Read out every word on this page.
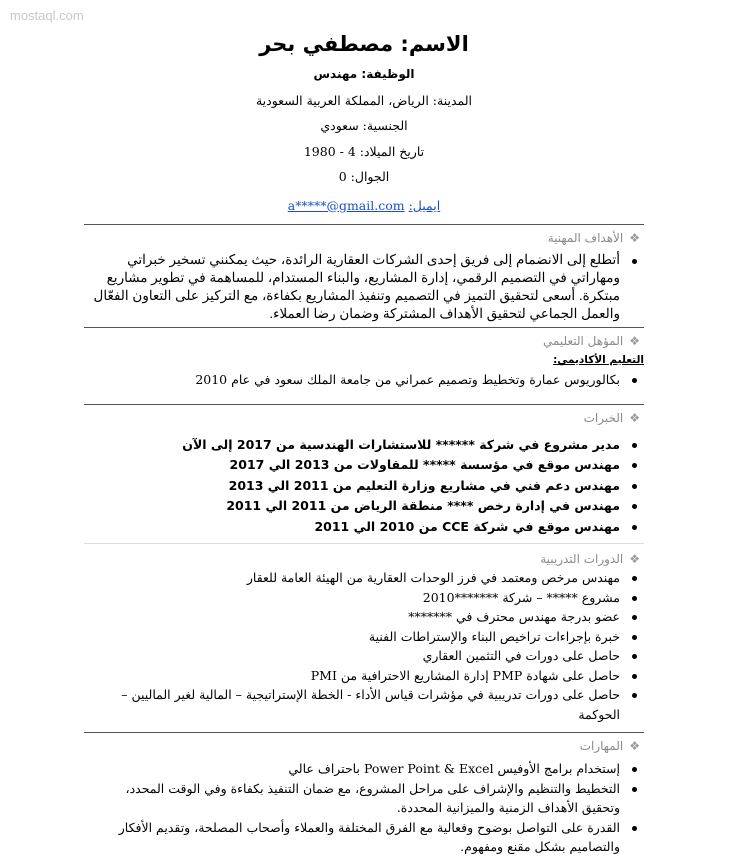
الاسم: مصطفي بحر
الوظيفة: مهندس
المدينة: الرياض، المملكة العربية السعودية
الجنسية: سعودي
تاريخ الميلاد: 4 - 1980
الجوال: 0
ايميل: a*****@gmail.com
❖الأهداف المهنية
أتطلع إلى الانضمام إلى فريق إحدى الشركات العقارية الرائدة، حيث يمكنني تسخير خبراتي ومهاراتي في التصميم الرقمي، إدارة المشاريع، والبناء المستدام، للمساهمة في تطوير مشاريع مبتكرة. أسعى لتحقيق التميز في التصميم وتنفيذ المشاريع بكفاءة، مع التركيز على التعاون الفعّال والعمل الجماعي لتحقيق الأهداف المشتركة وضمان رضا العملاء.
❖المؤهل التعليمي
التعليم الأكاديمي:
بكالوريوس عمارة وتخطيط وتصميم عمراني من جامعة الملك سعود في عام 2010
❖الخبرات
مدير مشروع في شركة ****** للاستشارات الهندسية من 2017 إلى الآن
مهندس موقع في مؤسسة ***** للمقاولات من 2013 الي 2017
مهندس دعم فني في مشاريع وزارة التعليم من 2011 الي 2013
مهندس في إدارة رخص **** منطقة الرياض من 2011 الي 2011
مهندس موقع في شركة CCE من 2010 الي 2011
❖الدورات التدريبية
مهندس مرخص ومعتمد في فرز الوحدات العقارية من الهيئة العامة للعقار
مشروع ***** – شركة *******2010
عضو بدرجة مهندس محترف في *******
خبرة بإجراءات تراخيص البناء والإستراطات الفنية
حاصل على دورات في التثمين العقاري
حاصل على شهادة PMP إدارة المشاريع الاحترافية من PMI
حاصل على دورات تدريبية في مؤشرات قياس الأداء - الخطة الإستراتيجية – المالية لغير الماليين – الحوكمة
❖المهارات
إستخدام برامج الأوفيس Power Point & Excel باحتراف عالي
التخطيط والتنظيم والإشراف على مراحل المشروع، مع ضمان التنفيذ بكفاءة وفي الوقت المحدد، وتحقيق الأهداف الزمنية والميزانية المحددة.
القدرة على التواصل بوضوح وفعالية مع الفرق المختلفة والعملاء وأصحاب المصلحة، وتقديم الأفكار والتصاميم بشكل مقنع ومفهوم.
mostaql.com
